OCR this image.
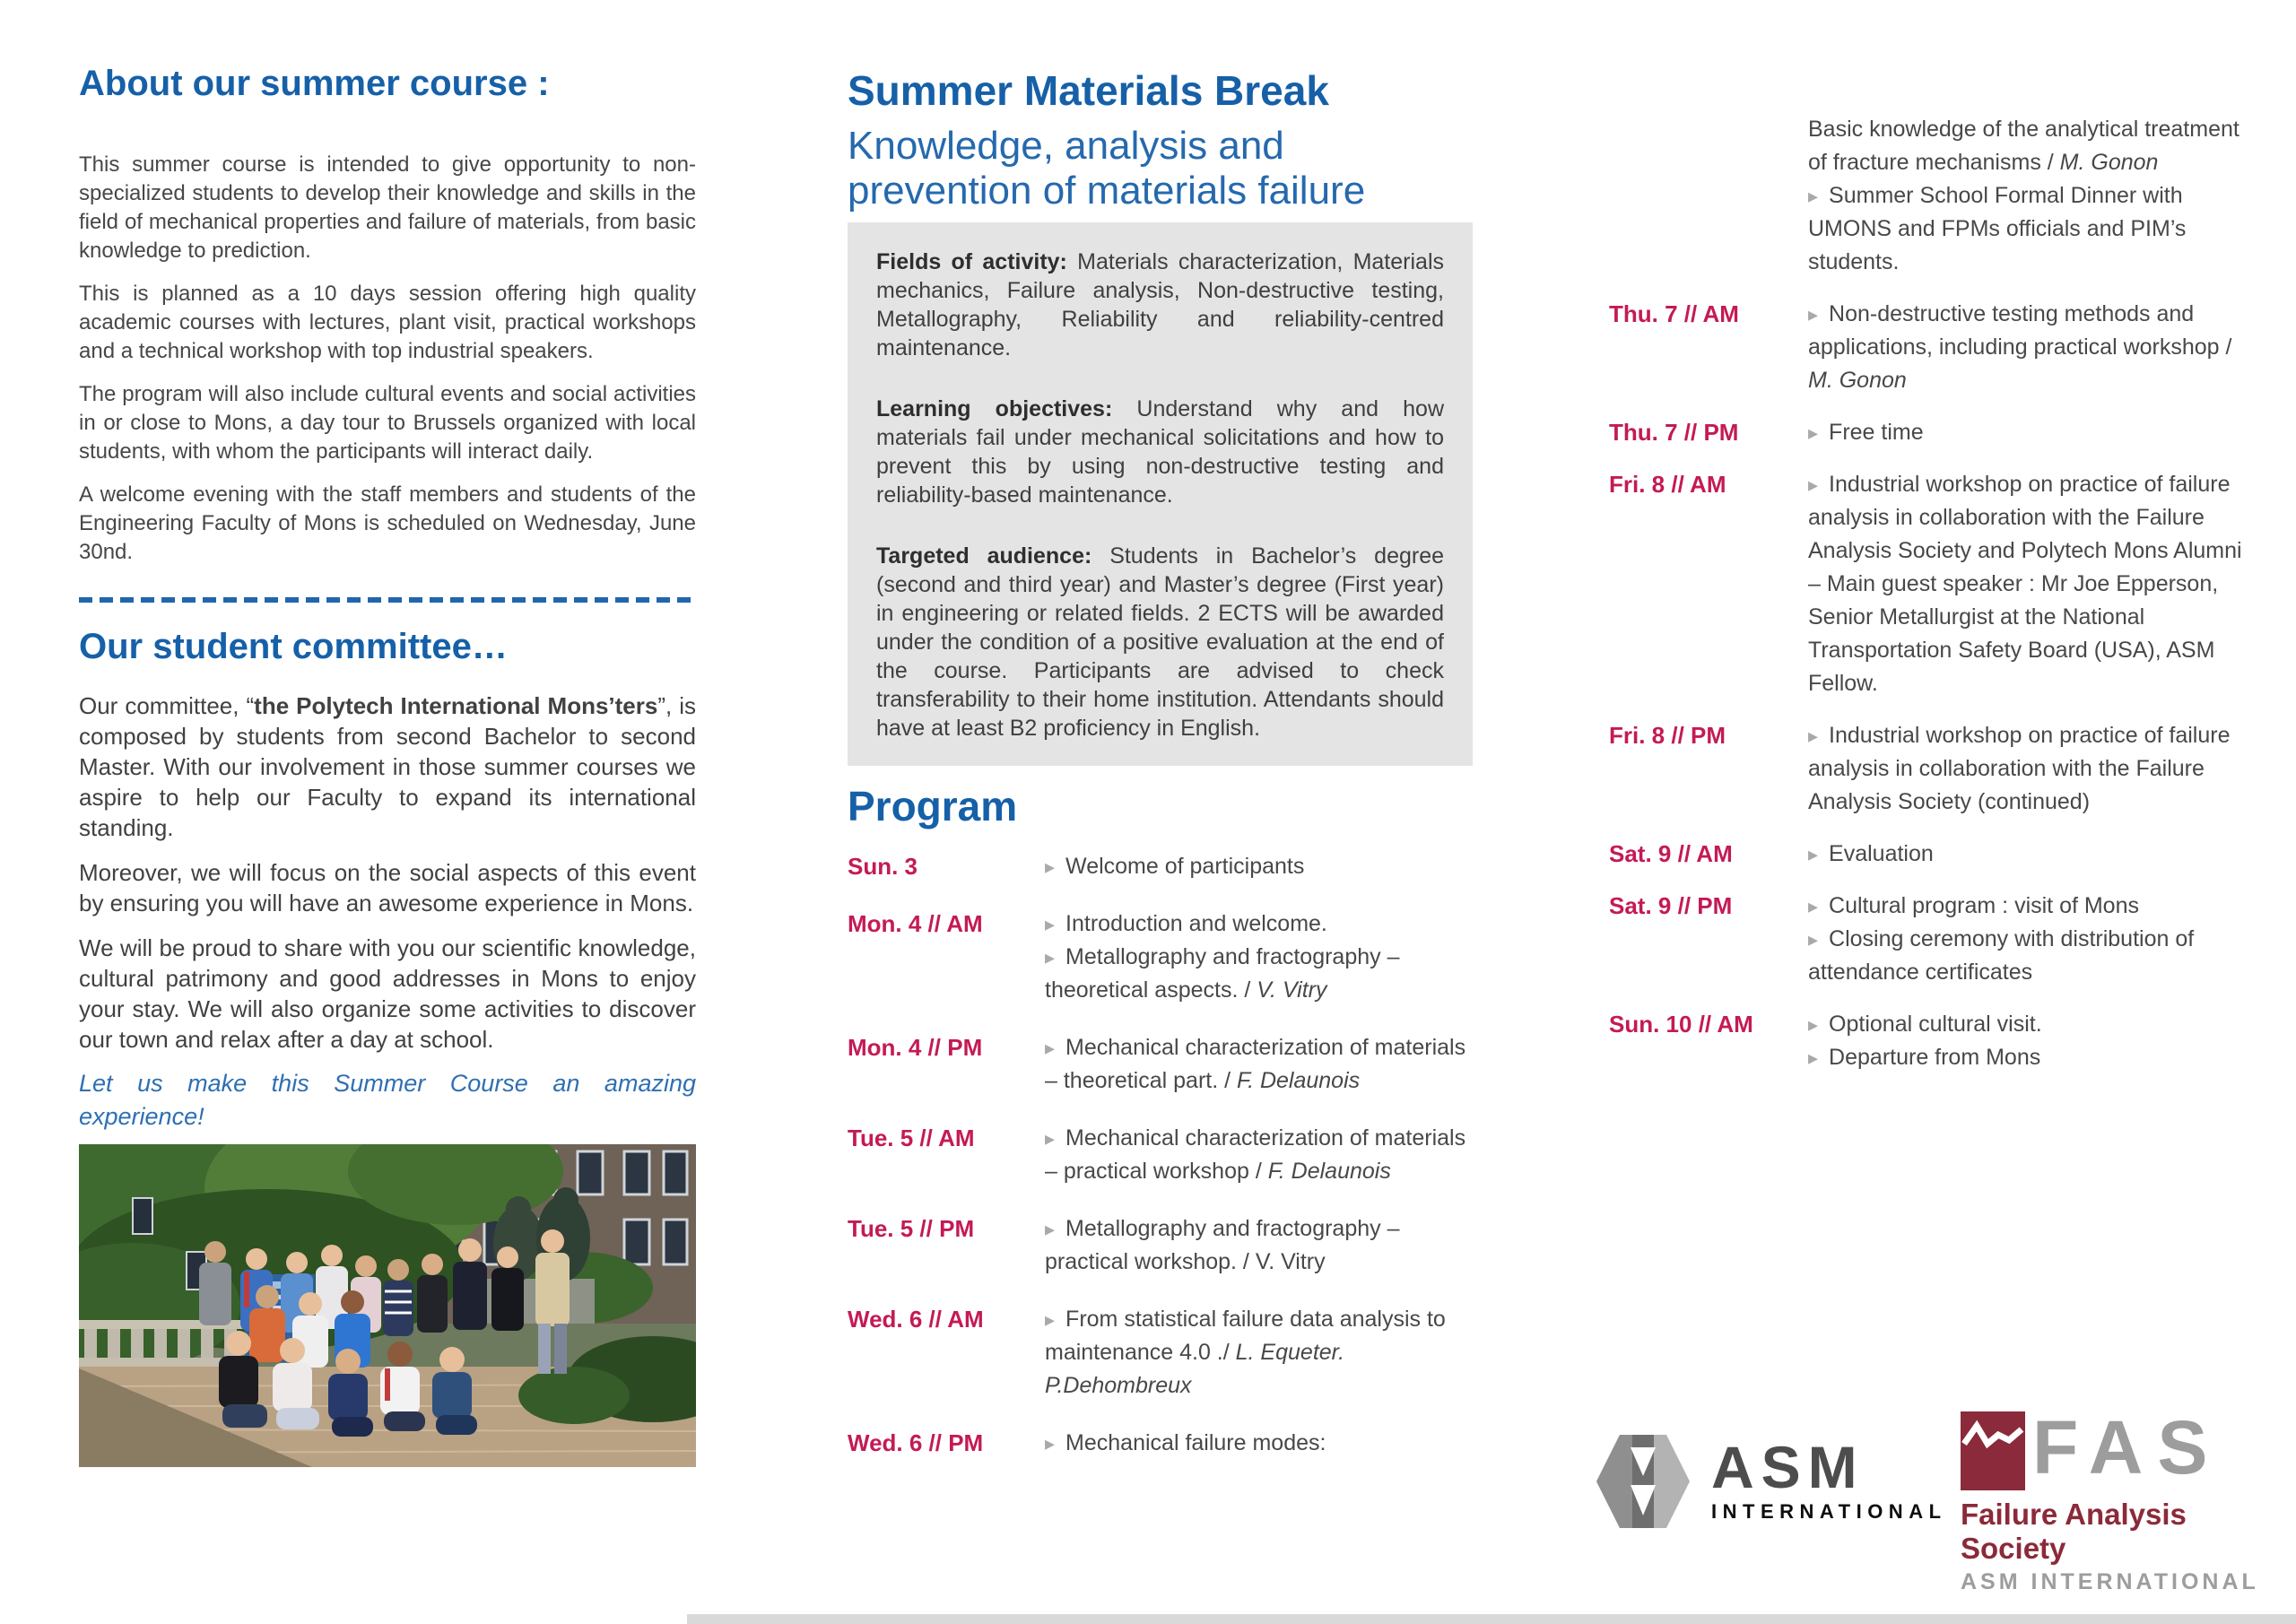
About our summer course :

This summer course is intended to give opportunity to non-specialized students to develop their knowledge and skills in the field of mechanical properties and failure of materials, from basic knowledge to prediction.

This is planned as a 10 days session offering high quality academic courses with lectures, plant visit, practical workshops and a technical workshop with top industrial speakers.

The program will also include cultural events and social activities in or close to Mons, a day tour to Brussels organized with local students, with whom the participants will interact daily.

A welcome evening with the staff members and students of the Engineering Faculty of Mons is scheduled on Wednesday, June 30nd.

Our student committee…

Our committee, “the Polytech International Mons’ters”, is composed by students from second Bachelor to second Master. With our involvement in those summer courses we aspire to help our Faculty to expand its international standing.

Moreover, we will focus on the social aspects of this event by ensuring you will have an awesome experience in Mons.

We will be proud to share with you our scientific knowledge, cultural patrimony and good addresses in Mons to enjoy your stay. We will also organize some activities to discover our town and relax after a day at school.

Let us make this Summer Course an amazing experience!

Summer Materials Break
Knowledge, analysis and prevention of materials failure

Fields of activity: Materials characterization, Materials mechanics, Failure analysis, Non-destructive testing, Metallography, Reliability and reliability-centred maintenance.

Learning objectives: Understand why and how materials fail under mechanical solicitations and how to prevent this by using non-destructive testing and reliability-based maintenance.

Targeted audience: Students in Bachelor’s degree (second and third year) and Master’s degree (First year) in engineering or related fields. 2 ECTS will be awarded under the condition of a positive evaluation at the end of the course. Participants are advised to check transferability to their home institution. Attendants should have at least B2 proficiency in English.

Program
Sun. 3	▸ Welcome of participants
Mon. 4 // AM	▸ Introduction and welcome.
▸ Metallography and fractography – theoretical aspects. / V. Vitry
Mon. 4 // PM	▸ Mechanical characterization of materials – theoretical part. / F. Delaunois
Tue. 5 // AM	▸ Mechanical characterization of materials – practical workshop / F. Delaunois
Tue. 5 // PM	▸ Metallography and fractography – practical workshop. / V. Vitry
Wed. 6 // AM	▸ From statistical failure data analysis to maintenance 4.0 ./ L. Equeter. P.Dehombreux
Wed. 6 // PM	▸ Mechanical failure modes:
Basic knowledge of the analytical treatment of fracture mechanisms / M. Gonon
▸ Summer School Formal Dinner with UMONS and FPMs officials and PIM’s students.
Thu. 7 // AM	▸ Non-destructive testing methods and applications, including practical workshop / M. Gonon
Thu. 7 // PM	▸ Free time
Fri. 8 // AM	▸ Industrial workshop on practice of failure analysis in collaboration with the Failure Analysis Society and Polytech Mons Alumni – Main guest speaker : Mr Joe Epperson, Senior Metallurgist at the National Transportation Safety Board (USA), ASM Fellow.
Fri. 8 // PM	▸ Industrial workshop on practice of failure analysis in collaboration with the Failure Analysis Society (continued)
Sat. 9 // AM	▸ Evaluation
Sat. 9 // PM	▸ Cultural program : visit of Mons
▸ Closing ceremony with distribution of attendance certificates
Sun. 10 // AM	▸ Optional cultural visit.
▸ Departure from Mons
ASM
INTERNATIONAL
FAS
Failure Analysis Society
ASM INTERNATIONAL
